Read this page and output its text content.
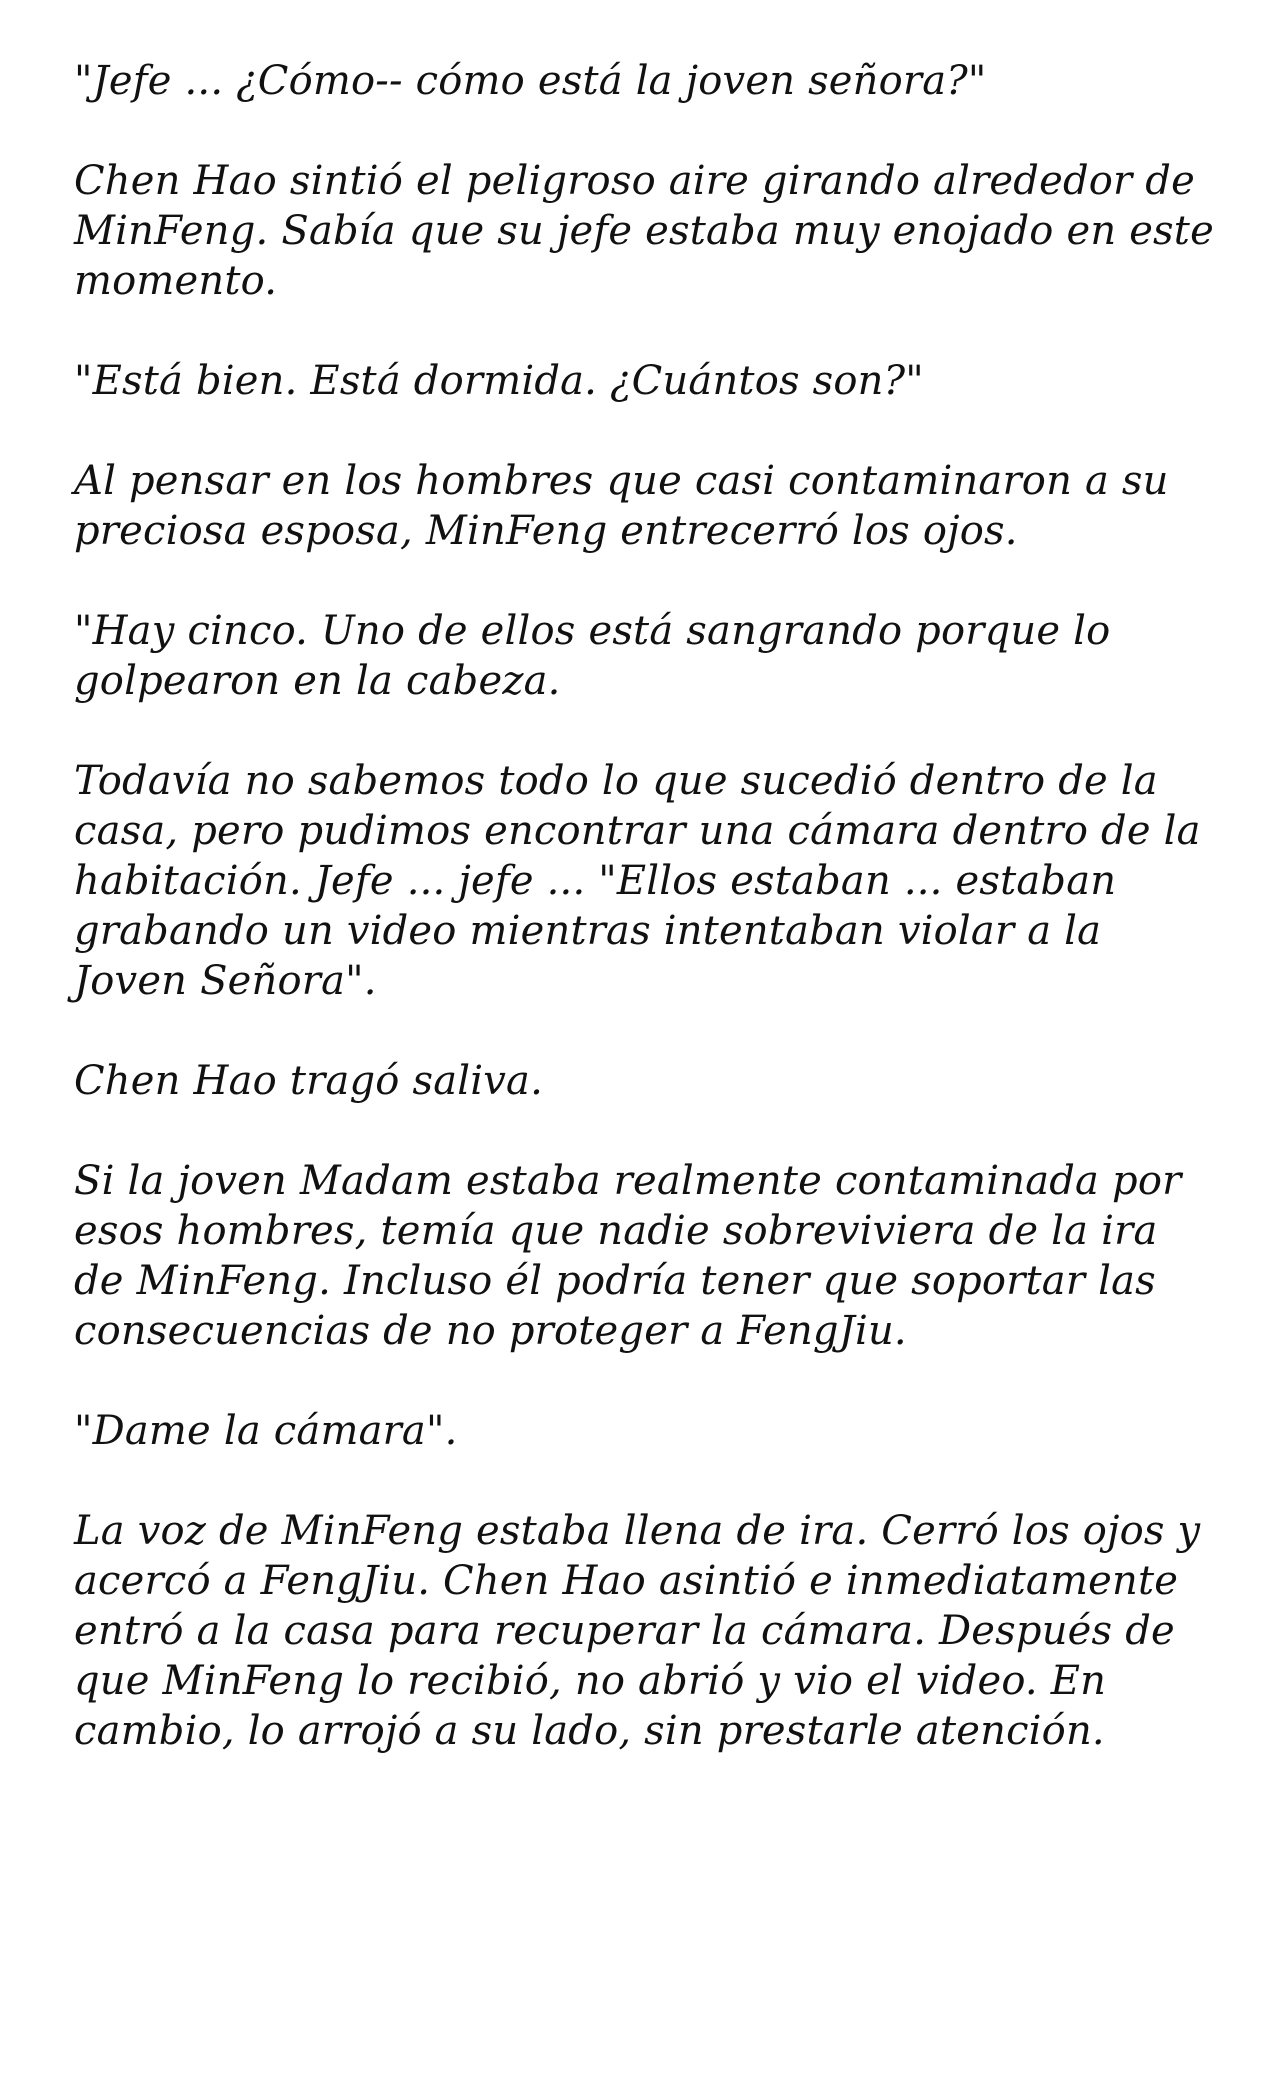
"Jefe ... ¿Cómo-- cómo está la joven señora?"

Chen Hao sintió el peligroso aire girando alrededor de MinFeng. Sabía que su jefe estaba muy enojado en este momento.

"Está bien. Está dormida. ¿Cuántos son?"

Al pensar en los hombres que casi contaminaron a su preciosa esposa, MinFeng entrecerró los ojos.

"Hay cinco. Uno de ellos está sangrando porque lo golpearon en la cabeza.

Todavía no sabemos todo lo que sucedió dentro de la casa, pero pudimos encontrar una cámara dentro de la habitación. Jefe ... jefe ... "Ellos estaban ... estaban grabando un video mientras intentaban violar a la Joven Señora".

Chen Hao tragó saliva.

Si la joven Madam estaba realmente contaminada por esos hombres, temía que nadie sobreviviera de la ira de MinFeng. Incluso él podría tener que soportar las consecuencias de no proteger a FengJiu.

"Dame la cámara".

La voz de MinFeng estaba llena de ira. Cerró los ojos y acercó a FengJiu. Chen Hao asintió e inmediatamente entró a la casa para recuperar la cámara. Después de que MinFeng lo recibió, no abrió y vio el video. En cambio, lo arrojó a su lado, sin prestarle atención.
